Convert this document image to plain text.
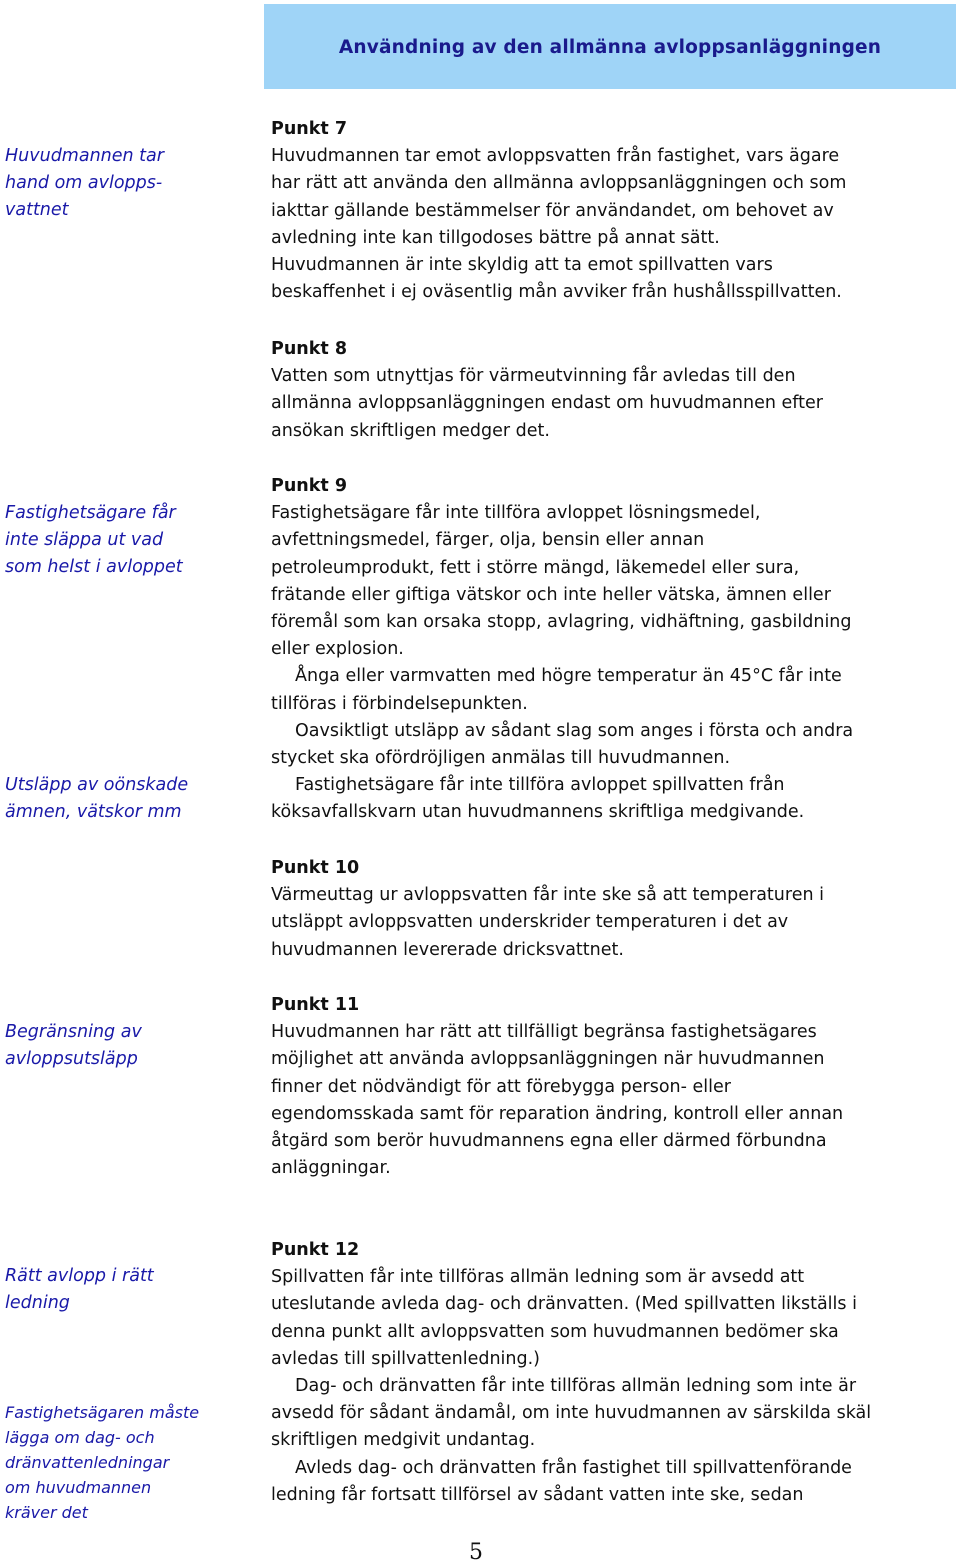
Användning av den allmänna avloppsanläggningen
Huvudmannen tar
hand om avlopps-
vattnet
Fastighetsägare får
inte släppa ut vad
som helst i avloppet
Utsläpp av oönskade
ämnen, vätskor mm
Begränsning av
avloppsutsläpp
Rätt avlopp i rätt
ledning
Fastighetsägaren måste
lägga om dag- och
dränvattenledningar
om huvudmannen
kräver det
Punkt 7
Huvudmannen tar emot avloppsvatten från fastighet, vars ägare
har rätt att använda den allmänna avloppsanläggningen och som
iakttar gällande bestämmelser för användandet, om behovet av
avledning inte kan tillgodoses bättre på annat sätt.
Huvudmannen är inte skyldig att ta emot spillvatten vars
beskaffenhet i ej oväsentlig mån avviker från hushållsspillvatten.
Punkt 8
Vatten som utnyttjas för värmeutvinning får avledas till den
allmänna avloppsanläggningen endast om huvudmannen efter
ansökan skriftligen medger det.
Punkt 9
Fastighetsägare får inte tillföra avloppet lösningsmedel,
avfettningsmedel, färger, olja, bensin eller annan
petroleumprodukt, fett i större mängd, läkemedel eller sura,
frätande eller giftiga vätskor och inte heller vätska, ämnen eller
föremål som kan orsaka stopp, avlagring, vidhäftning, gasbildning
eller explosion.
Ånga eller varmvatten med högre temperatur än 45°C får inte
tillföras i förbindelsepunkten.
Oavsiktligt utsläpp av sådant slag som anges i första och andra
stycket ska ofördröjligen anmälas till huvudmannen.
Fastighetsägare får inte tillföra avloppet spillvatten från
köksavfallskvarn utan huvudmannens skriftliga medgivande.
Punkt 10
Värmeuttag ur avloppsvatten får inte ske så att temperaturen i
utsläppt avloppsvatten underskrider temperaturen i det av
huvudmannen levererade dricksvattnet.
Punkt 11
Huvudmannen har rätt att tillfälligt begränsa fastighetsägares
möjlighet att använda avloppsanläggningen när huvudmannen
finner det nödvändigt för att förebygga person- eller
egendomsskada samt för reparation ändring, kontroll eller annan
åtgärd som berör huvudmannens egna eller därmed förbundna
anläggningar.
Punkt 12
Spillvatten får inte tillföras allmän ledning som är avsedd att
uteslutande avleda dag- och dränvatten. (Med spillvatten likställs i
denna punkt allt avloppsvatten som huvudmannen bedömer ska
avledas till spillvattenledning.)
Dag- och dränvatten får inte tillföras allmän ledning som inte är
avsedd för sådant ändamål, om inte huvudmannen av särskilda skäl
skriftligen medgivit undantag.
Avleds dag- och dränvatten från fastighet till spillvattenförande
ledning får fortsatt tillförsel av sådant vatten inte ske, sedan
5
